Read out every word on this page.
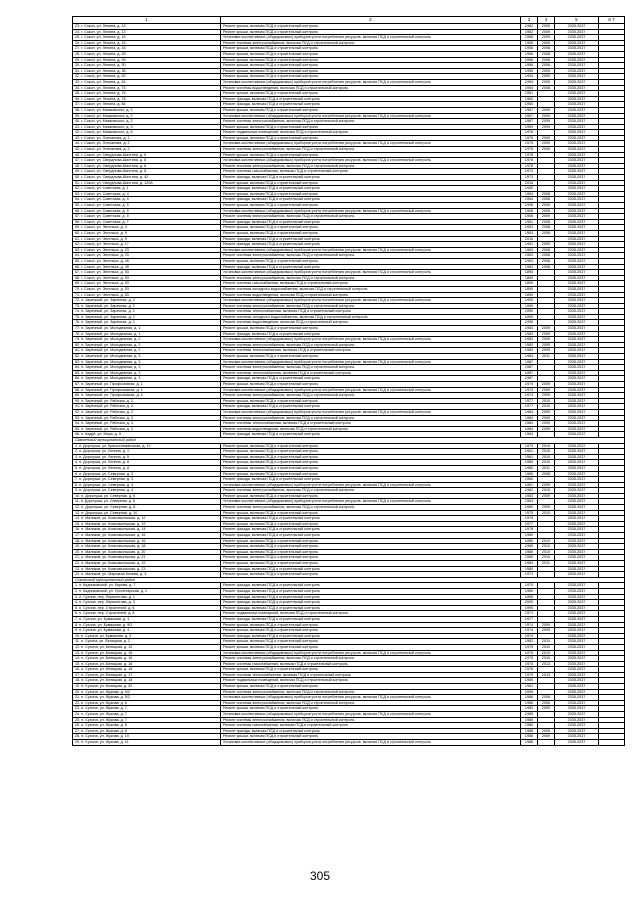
1	2	3	4	5	6 7
23. г. Сокол, ул. Ленина, д. 12	Ремонт крыши, включая ПСД и строительный контроль	1962	2009	2035-2037	
24. г. Сокол, ул. Ленина, д. 13	Ремонт крыши, включая ПСД и строительный контроль	1962	2009	2035-2037	
25. г. Сокол, ул. Ленина, д. 15	Установка коллективных (общедомовых) приборов учета потребления ресурсов, включая ПСД и строительный контроль	1965	2009	2035-2037	
26. г. Сокол, ул. Ленина, д. 15	Ремонт системы электроснабжения, включая ПСД и строительный контроль	1965	2009	2035-2037	
27. г. Сокол, ул. Ленина, д. 16	Ремонт крыши, включая ПСД и строительный контроль	1956	2008	2035-2037	
28. г. Сокол, ул. Ленина, д. 25	Ремонт крыши, включая ПСД и строительный контроль	1956	2008	2035-2037	
29. г. Сокол, ул. Ленина, д. 26	Ремонт крыши, включая ПСД и строительный контроль	1956	2008	2035-2037	
30. г. Сокол, ул. Ленина, д. 30	Ремонт крыши, включая ПСД и строительный контроль	1956	2008	2035-2037	
31. г. Сокол, ул. Ленина, д. 36	Ремонт крыши, включая ПСД и строительный контроль	1955	2009	2035-2037	
32. г. Сокол, ул. Ленина, д. 52	Ремонт крыши, включая ПСД и строительный контроль	1954	2009	2035-2037	
33. г. Сокол, ул. Ленина, д. 62	Установка коллективных (общедомовых) приборов учета потребления ресурсов, включая ПСД и строительный контроль	1954	2009	2035-2037	
34. г. Сокол, ул. Ленина, д. 74	Ремонт системы водоотведения, включая ПСД и строительный контроль	1954	2008	2035-2037	
35. г. Сокол, ул. Ленина, д. 76	Ремонт крыши, включая ПСД и строительный контроль	1961		2035-2037	
36. г. Сокол, ул. Ленина, д. 78	Ремонт фасада, включая ПСД и строительный контроль	1960		2035-2037	
37. г. Сокол, ул. Ленина, д. 84	Ремонт фасада, включая ПСД и строительный контроль	1960		2035-2037	
38. г. Сокол, ул. Маяковского, д. 2	Ремонт крыши, включая ПСД и строительный контроль	1967	2009	2035-2037	
39. г. Сокол, ул. Маяковского, д. 2	Установка коллективных (общедомовых) приборов учета потребления ресурсов, включая ПСД и строительный контроль	1967	2009	2035-2037	
40. г. Сокол, ул. Маяковского, д. 2	Ремонт системы электроснабжения, включая ПСД и строительный контроль	1967	2009	2035-2037	
41. г. Сокол, ул. Маяковского, д. 3	Ремонт крыши, включая ПСД и строительный контроль	1959	2009	2035-2037	
42. г. Сокол, ул. Маяковского, д. 6	Ремонт подвальных помещений, включая ПСД и строительный контроль	1976		2035-2037	
43. г. Сокол, ул. Плеханова, д. 1	Ремонт крыши, включая ПСД и строительный контроль	1975	2009	2035-2037	
44. г. Сокол, ул. Плеханова, д. 2	Установка коллективных (общедомовых) приборов учета потребления ресурсов, включая ПСД и строительный контроль	1975	2009	2035-2037	
45. г. Сокол, ул. Плеханова, д. 2	Ремонт системы электроснабжения, включая ПСД и строительный контроль	1975	2009	2035-2037	
46. г. Сокол, ул. Свердлова-Шахтина, д. 6	Ремонт крыши, включая ПСД и строительный контроль	1978		2035-2037	
47. г. Сокол, ул. Свердлова-Шахтина, д. 8	Установка коллективных (общедомовых) приборов учета потребления ресурсов, включая ПСД и строительный контроль	1978		2035-2037	
48. г. Сокол, ул. Свердлова-Шахтина, д. 8	Ремонт системы электроснабжения, включая ПСД и строительный контроль	1978		2035-2037	
49. г. Сокол, ул. Свердлова-Шахтина, д. 8	Ремонт системы газоснабжения, включая ПСД и строительный контроль	1973		2035-2037	
50. г. Сокол, ул. Свердлова-Шахтина, д. 42	Ремонт фасада, включая ПСД и строительный контроль	1973		2035-2037	
51. г. Сокол, ул. Свердлова-Шахтина, д. 120А	Ремонт крыши, включая ПСД и строительный контроль	2016		2035-2037	
52. г. Сокол, ул. Советская, д. 1	Ремонт фасада, включая ПСД и строительный контроль	1940		2035-2037	
53. г. Сокол, ул. Советская, д. 4	Ремонт крыши, включая ПСД и строительный контроль	1954	2008	2035-2037	
54. г. Сокол, ул. Советская, д. 4	Ремонт фасада, включая ПСД и строительный контроль	1954	2008	2035-2037	
55. г. Сокол, ул. Советская, д. 5	Ремонт крыши, включая ПСД и строительный контроль	1908	2009	2035-2037	
56. г. Сокол, ул. Советская, д. 5	Установка коллективных (общедомовых) приборов учета потребления ресурсов, включая ПСД и строительный контроль	1908	2009	2035-2037	
57. г. Сокол, ул. Советская, д. 5	Ремонт системы электроснабжения, включая ПСД и строительный контроль	1908	2009	2035-2037	
58. г. Сокол, ул. Советская, д. 7	Ремонт фасада, включая ПСД и строительный контроль	1951	2008	2035-2037	
59. г. Сокол, ул. Энгельса, д. 4	Ремонт крыши, включая ПСД и строительный контроль	1963	2008	2035-2037	
60. г. Сокол, ул. Энгельса, д. 9	Ремонт крыши, включая ПСД и строительный контроль	1963	2008	2035-2037	
61. г. Сокол, ул. Энгельса, д. 9	Ремонт фасада, включая ПСД и строительный контроль	2016		2035-2037	
62. г. Сокол, ул. Энгельса, д. 17	Ремонт фасада, включая ПСД и строительный контроль	1961	2009	2035-2037	
63. г. Сокол, ул. Энгельса, д. 23	Установка коллективных (общедомовых) приборов учета потребления ресурсов, включая ПСД и строительный контроль	1963	2008	2035-2037	
64. г. Сокол, ул. Энгельса, д. 23	Ремонт системы электроснабжения, включая ПСД и строительный контроль	1963	2008	2035-2037	
65. г. Сокол, ул. Энгельса, д. 45	Ремонт крыши, включая ПСД и строительный контроль	1963	2008	2035-2037	
66. г. Сокол, ул. Энгельса, д. 45	Ремонт фасада, включая ПСД и строительный контроль	1963	2008	2035-2037	
67. г. Сокол, ул. Энгельса, д. 53	Установка коллективных (общедомовых) приборов учета потребления ресурсов, включая ПСД и строительный контроль	1890		2035-2037	
68. г. Сокол, ул. Энгельса, д. 53	Ремонт системы электроснабжения, включая ПСД и строительный контроль	1890		2035-2037	
69. г. Сокол, ул. Энгельса, д. 53	Ремонт системы газоснабжения, включая ПСД и строительный контроль	1890		2035-2037	
70. г. Сокол, ул. Энгельса, д. 53	Ремонт системы холодного водоснабжения, включая ПСД и строительный контроль	1890		2035-2037	
71. г. Сокол, ул. Энгельса, д. 53	Ремонт системы водоотведения, включая ПСД и строительный контроль	1890		2035-2037	
72. п. Заречный, ул. Заречная, д. 2	Установка коллективных (общедомовых) приборов учета потребления ресурсов, включая ПСД и строительный контроль	1990		2035-2037	
73. п. Заречный, ул. Заречная, д. 2	Ремонт системы электроснабжения, включая ПСД и строительный контроль	1990		2035-2037	
74. п. Заречный, ул. Заречная, д. 2	Ремонт системы теплоснабжения, включая ПСД и строительный контроль	1990		2035-2037	
75. п. Заречный, ул. Заречная, д. 2	Ремонт системы холодного водоснабжения, включая ПСД и строительный контроль	1990		2035-2037	
76. п. Заречный, ул. Заречная, д. 2	Ремонт системы водоотведения, включая ПСД и строительный контроль	1990		2035-2037	
77. п. Заречный, ул. Молодежная, д. 1	Ремонт крыши, включая ПСД и строительный контроль	1983	2009	2035-2037	
78. п. Заречный, ул. Молодежная, д. 1	Ремонт фасада, включая ПСД и строительный контроль	1983	2009	2035-2037	
79. п. Заречный, ул. Молодежная, д. 2	Установка коллективных (общедомовых) приборов учета потребления ресурсов, включая ПСД и строительный контроль	1983	2009	2035-2037	
80. п. Заречный, ул. Молодежная, д. 2	Ремонт системы электроснабжения, включая ПСД и строительный контроль	1983	2009	2035-2037	
81. п. Заречный, ул. Молодежная, д. 2	Ремонт системы теплоснабжения, включая ПСД и строительный контроль	1983	2009	2035-2037	
82. п. Заречный, ул. Молодежная, д. 3	Ремонт крыши, включая ПСД и строительный контроль	1984	2011	2035-2037	
83. п. Заречный, ул. Молодежная, д. 3	Установка коллективных (общедомовых) приборов учета потребления ресурсов, включая ПСД и строительный контроль	1987		2035-2037	
84. п. Заречный, ул. Молодежная, д. 3	Ремонт системы электроснабжения, включая ПСД и строительный контроль	1987		2035-2037	
85. п. Заречный, ул. Молодежная, д. 3	Ремонт системы теплоснабжения, включая ПСД и строительный контроль	1987		2035-2037	
86. п. Заречный, ул. Молодежная, д. 3	Ремонт фасада, включая ПСД и строительный контроль	1987		2035-2037	
87. п. Заречный, ул. Профсоюзная, д. 1	Ремонт крыши, включая ПСД и строительный контроль	1974	2009	2035-2037	
88. п. Заречный, ул. Профсоюзная, д. 1	Установка коллективных (общедомовых) приборов учета потребления ресурсов, включая ПСД и строительный контроль	1974	2009	2035-2037	
89. п. Заречный, ул. Профсоюзная, д. 1	Ремонт системы электроснабжения, включая ПСД и строительный контроль	1974	2009	2035-2037	
90. п. Заречный, ул. Рабочая, д. 2	Ремонт крыши, включая ПСД и строительный контроль	1977	2010	2035-2037	
91. п. Заречный, ул. Рабочая, д. 2	Ремонт фасада, включая ПСД и строительный контроль	1977	2010	2035-2037	
92. п. Заречный, ул. Рабочая, д. 2	Установка коллективных (общедомовых) приборов учета потребления ресурсов, включая ПСД и строительный контроль	1984	2009	2035-2037	
93. п. Заречный, ул. Рабочая, д. 3	Ремонт системы электроснабжения, включая ПСД и строительный контроль	1984	2009	2035-2037	
94. п. Заречный, ул. Рабочая, д. 3	Ремонт системы теплоснабжения, включая ПСД и строительный контроль	1984	2009	2035-2037	
95. п. Заречный, ул. Рабочая, д. 3	Ремонт системы водоотведения, включая ПСД и строительный контроль	1984	2009	2035-2037	
96. п. Кадуй, ул. Мира, д. 5	Ремонт фасада, включая ПСД и строительный контроль	1964		2035-2037	
Сямженский муниципальный район					
1. п. Дорогуша, ул. Краснознаменская, д. 12	Ремонт крыши, включая ПСД и строительный контроль	1973	2010	2035-2037	
2. п. Дорогуша, ул. Ленина, д. 1	Ремонт крыши, включая ПСД и строительный контроль	1961	2010	2035-2037	
3. п. Дорогуша, ул. Ленина, д. 5	Ремонт крыши, включая ПСД и строительный контроль	1961	2010	2035-2037	
4. п. Дорогуша, ул. Ленина, д. 6	Ремонт крыши, включая ПСД и строительный контроль	1980	2010	2035-2037	
5. п. Дорогуша, ул. Ленина, д. 8	Ремонт крыши, включая ПСД и строительный контроль	1980	2011	2035-2037	
6. п. Дорогуша, ул. Северная, д. 2	Ремонт крыши, включая ПСД и строительный контроль	1960	2008	2035-2037	
7. п. Дорогуша, ул. Северная, д. 3	Ремонт фасада, включая ПСД и строительный контроль	1960		2035-2037	
8. п. Дорогуша, ул. Северная, д. 4	Установка коллективных (общедомовых) приборов учета потребления ресурсов, включая ПСД и строительный контроль	1961	2009	2035-2037	
9. п. Дорогуша, ул. Северная, д. 4	Ремонт системы электроснабжения, включая ПСД и строительный контроль	1962	2010	2035-2037	
10. п. Дорогуша, ул. Северная, д. 6	Ремонт крыши, включая ПСД и строительный контроль	1963	2009	2035-2037	
11. п. Дорогуша, ул. Северная, д. 6	Установка коллективных (общедомовых) приборов учета потребления ресурсов, включая ПСД и строительный контроль	1963		2035-2037	
12. п. Дорогуша, ул. Северная, д. 8	Ремонт системы электроснабжения, включая ПСД и строительный контроль	1969	2009	2035-2037	
13. п. Дорогуша, ул. Северная, д. 10	Ремонт крыши, включая ПСД и строительный контроль	1975	2010	2035-2037	
14. п. Маликов, ул. Комсомольская, д. 12	Ремонт фасада, включая ПСД и строительный контроль	1978		2035-2037	
15. п. Маликов, ул. Комсомольская, д. 12	Ремонт крыши, включая ПСД и строительный контроль	1977		2035-2037	
16. п. Маликов, ул. Комсомольская, д. 14	Ремонт фасада, включая ПСД и строительный контроль	1978		2035-2037	
17. п. Маликов, ул. Комсомольская, д. 15	Ремонт фасада, включая ПСД и строительный контроль	1980		2035-2037	
18. п. Маликов, ул. Комсомольская, д. 16	Ремонт крыши, включая ПСД и строительный контроль	1980	2012	2035-2037	
19. п. Маликов, ул. Комсомольская, д. 18	Ремонт крыши, включая ПСД и строительный контроль	1980	2012	2035-2037	
20. п. Маликов, ул. Комсомольская, д. 20	Ремонт крыши, включая ПСД и строительный контроль	1980	2010	2035-2037	
21. п. Маликов, ул. Комсомольская, д. 21	Ремонт крыши, включая ПСД и строительный контроль	1980	2010	2035-2037	
22. п. Маликов, ул. Комсомольская, д. 22	Ремонт крыши, включая ПСД и строительный контроль	1984	2011	2035-2037	
23. п. Маликов, ул. Комсомольская, д. 23	Ремонт фасада, включая ПСД и строительный контроль	1980		2035-2037	
24. п. Маликов, ул. Маршала Конева, д. 3	Ремонт крыши, включая ПСД и строительный контроль	1971		2035-2037	
Сокольский муниципальный район					
1. п. Кадниковский, ул. Кирова, д. 7	Ремонт фасада, включая ПСД и строительный контроль	1970		2035-2037	
2. п. Кадниковский, ул. Пролетарская, д. 2	Ремонт фасада, включая ПСД и строительный контроль	1960		2035-2037	
3. п. Сухона, пер. Лермонтова, д. 1	Ремонт фасада, включая ПСД и строительный контроль	1955		2035-2037	
4. п. Сухона, пер. Лермонтова, д. 3	Ремонт фасада, включая ПСД и строительный контроль	2000		2035-2037	
5. п. Сухона, пер. Строителей, д. 6	Ремонт фасада, включая ПСД и строительный контроль	1990		2035-2037	
6. п. Сухона, пер. Строителей, д. 8	Ремонт подвальных помещений, включая ПСД и строительный контроль	1971		2035-2037	
7. п. Сухона, ул. Бумажная, д. 1	Ремонт фасада, включая ПСД и строительный контроль	1977		2035-2037	
8. п. Сухона, ул. Бумажная, д. 9/3	Ремонт крыши, включая ПСД и строительный контроль	1974	2009	2035-2037	
9. п. Сухона, ул. Бумажная, д. 4	Ремонт крыши, включая ПСД и строительный контроль	1974	2009	2035-2037	
10. п. Сухона, ул. Бумажная, д. 3	Ремонт фасада, включая ПСД и строительный контроль	1974		2035-2037	
11. п. Сухона, ул. Беляцкая, д. 2	Ремонт крыши, включая ПСД и строительный контроль	1962	2010	2035-2037	
12. п. Сухона, ул. Беляцкая, д. 12	Ремонт крыши, включая ПСД и строительный контроль	1975	2010	2035-2037	
13. п. Сухона, ул. Беляцкая, д. 16	Установка коллективных (общедомовых) приборов учета потребления ресурсов, включая ПСД и строительный контроль	1975	2010	2035-2037	
14. п. Сухона, ул. Беляцкая, д. 16	Ремонт системы электроснабжения, включая ПСД и строительный контроль	1975	2010	2035-2037	
15. п. Сухона, ул. Беляцкая, д. 16	Ремонт системы газоснабжения, включая ПСД и строительный контроль	1975	2013	2035-2037	
16. п. Сухона, ул. Беляцкая, д. 16	Ремонт крыши, включая ПСД и строительный контроль	1976		2035-2037	
17. п. Сухона, ул. Беляцкая, д. 17	Ремонт системы теплоснабжения, включая ПСД и строительный контроль	1979	2013	2035-2037	
18. п. Сухона, ул. Беляцкая, д. 18	Ремонт подвальных помещений, включая ПСД и строительный контроль	1980		2035-2037	
19. п. Сухона, ул. Беляцкая, д. 52	Ремонт крыши, включая ПСД и строительный контроль	1961		2035-2037	
20. п. Сухона, ул. Жукова, д. 5/2	Ремонт системы электроснабжения, включая ПСД и строительный контроль	1990		2035-2037	
21. п. Сухона, ул. Жукова, д. 5/2	Установка коллективных (общедомовых) приборов учета потребления ресурсов, включая ПСД и строительный контроль	1986	2006	2035-2037	
22. п. Сухона, ул. Жукова, д. 6	Ремонт системы электроснабжения, включая ПСД и строительный контроль	1986	2006	2035-2037	
23. п. Сухона, ул. Жукова, д. 7	Ремонт крыши, включая ПСД и строительный контроль	1983	2009	2035-2037	
24. п. Сухона, ул. Жукова, д. 7	Установка коллективных (общедомовых) приборов учета потребления ресурсов, включая ПСД и строительный контроль	1985		2035-2037	
25. п. Сухона, ул. Жукова, д. 7	Ремонт системы электроснабжения, включая ПСД и строительный контроль	1985		2035-2037	
26. п. Сухона, ул. Жукова, д. 8	Ремонт системы газоснабжения, включая ПСД и строительный контроль	1985		2035-2037	
27. п. Сухона, ул. Жукова, д. 8	Ремонт фасада, включая ПСД и строительный контроль	1988	2009	2035-2037	
28. п. Сухона, ул. Жукова, д. 10	Ремонт крыши, включая ПСД и строительный контроль	1988	2009	2035-2037	
29. п. Сухона, ул. Жукова, д. 11	Установка коллективных (общедомовых) приборов учета потребления ресурсов, включая ПСД и строительный контроль	1988		2035-2037	
305
